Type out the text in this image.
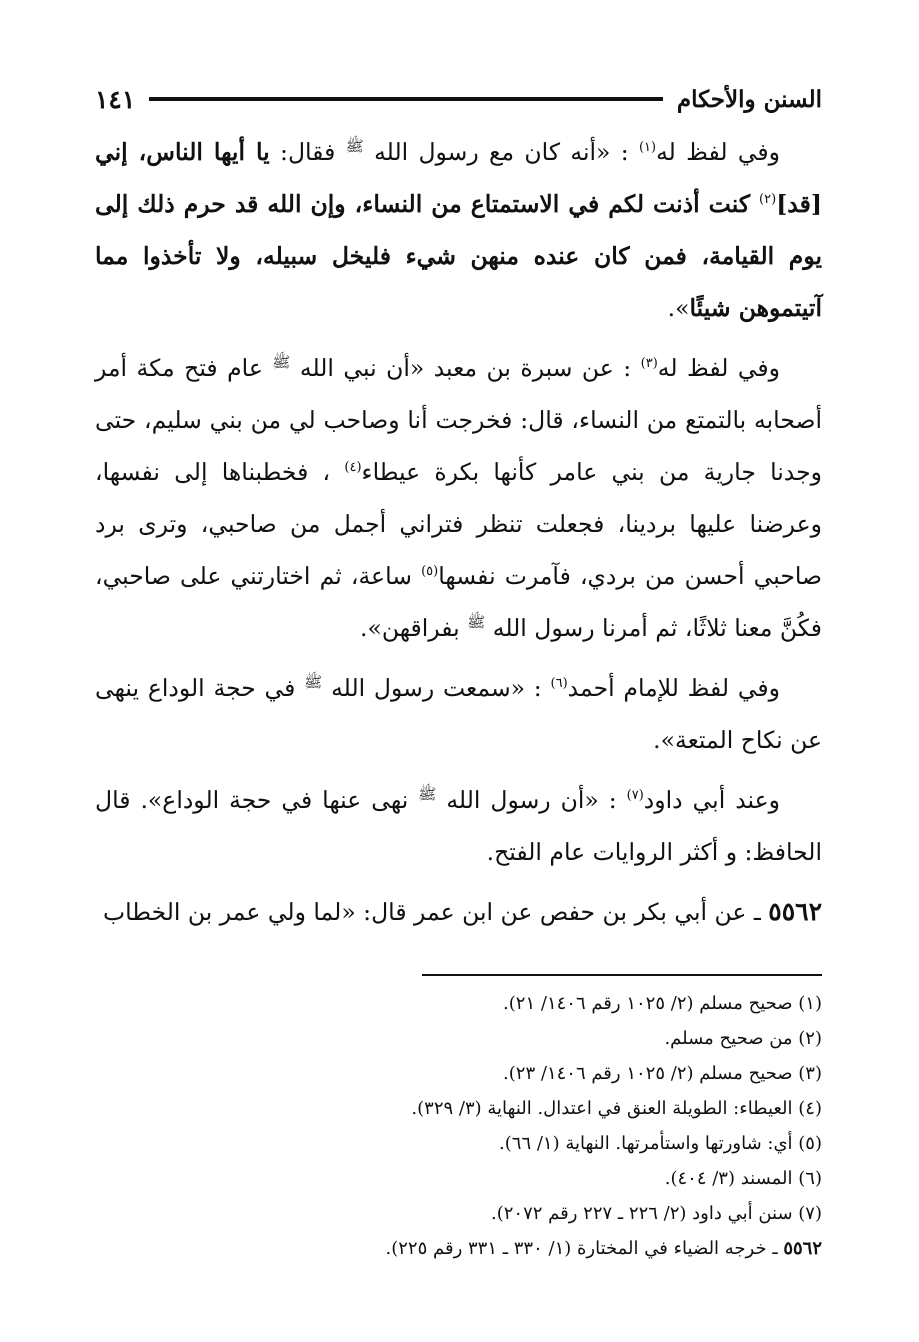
السنن والأحكام
١٤١

وفي لفظ له$^{(١)}$ : «أنه كان مع رسول الله $^ﷺ$ فقال: يا أيها الناس، إني [قد]$^{(٢)}$ كنت أذنت لكم في الاستمتاع من النساء، وإن الله قد حرم ذلك إلى يوم القيامة، فمن كان عنده منهن شيء فليخل سبيله، ولا تأخذوا مما آتيتموهن شيئًا».

وفي لفظ له$^{(٣)}$ : عن سبرة بن معبد «أن نبي الله $^ﷺ$ عام فتح مكة أمر أصحابه بالتمتع من النساء، قال: فخرجت أنا وصاحب لي من بني سليم، حتى وجدنا جارية من بني عامر كأنها بكرة عيطاء$^{(٤)}$ ، فخطبناها إلى نفسها، وعرضنا عليها بردينا، فجعلت تنظر فتراني أجمل من صاحبي، وترى برد صاحبي أحسن من بردي، فآمرت نفسها$^{(٥)}$ ساعة، ثم اختارتني على صاحبي، فكُنَّ معنا ثلاثًا، ثم أمرنا رسول الله $^ﷺ$ بفراقهن».

وفي لفظ للإمام أحمد$^{(٦)}$ : «سمعت رسول الله $^ﷺ$ في حجة الوداع ينهى عن نكاح المتعة».

وعند أبي داود$^{(٧)}$ : «أن رسول الله $^ﷺ$ نهى عنها في حجة الوداع». قال الحافظ: و أكثر الروايات عام الفتح.

٥٥٦٢ ـ عن أبي بكر بن حفص عن ابن عمر قال: «لما ولي عمر بن الخطاب

(١) صحيح مسلم (٢/ ١٠٢٥ رقم ١٤٠٦/ ٢١).
(٢) من صحيح مسلم.
(٣) صحيح مسلم (٢/ ١٠٢٥ رقم ١٤٠٦/ ٢٣).
(٤) العيطاء: الطويلة العنق في اعتدال. النهاية (٣/ ٣٢٩).
(٥) أي: شاورتها واستأمرتها. النهاية (١/ ٦٦).
(٦) المسند (٣/ ٤٠٤).
(٧) سنن أبي داود (٢/ ٢٢٦ ـ ٢٢٧ رقم ٢٠٧٢).
٥٥٦٢ ـ خرجه الضياء في المختارة (١/ ٣٣٠ ـ ٣٣١ رقم ٢٢٥).
